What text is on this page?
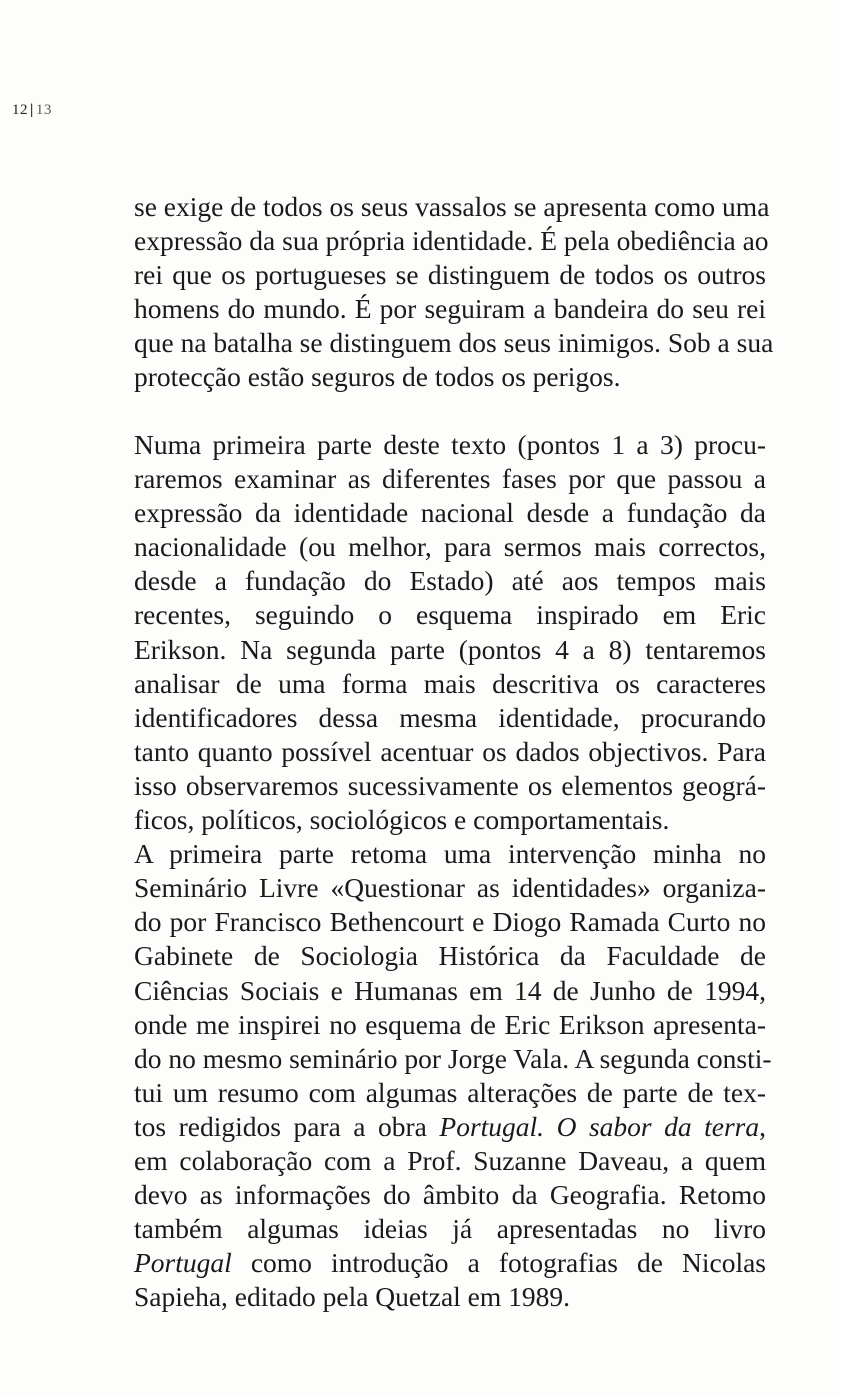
12 | 13
se exige de todos os seus vassalos se apresenta como uma
expressão da sua própria identidade. É pela obediência ao
rei que os portugueses se distinguem de todos os outros
homens do mundo. É por seguiram a bandeira do seu rei
que na batalha se distinguem dos seus inimigos. Sob a sua
protecção estão seguros de todos os perigos.
Numa primeira parte deste texto (pontos 1 a 3) procu-
raremos examinar as diferentes fases por que passou a
expressão da identidade nacional desde a fundação da
nacionalidade (ou melhor, para sermos mais correctos,
desde a fundação do Estado) até aos tempos mais
recentes, seguindo o esquema inspirado em Eric
Erikson. Na segunda parte (pontos 4 a 8) tentaremos
analisar de uma forma mais descritiva os caracteres
identificadores dessa mesma identidade, procurando
tanto quanto possível acentuar os dados objectivos. Para
isso observaremos sucessivamente os elementos geográ-
ficos, políticos, sociológicos e comportamentais.
A primeira parte retoma uma intervenção minha no
Seminário Livre «Questionar as identidades» organiza-
do por Francisco Bethencourt e Diogo Ramada Curto no
Gabinete de Sociologia Histórica da Faculdade de
Ciências Sociais e Humanas em 14 de Junho de 1994,
onde me inspirei no esquema de Eric Erikson apresenta-
do no mesmo seminário por Jorge Vala. A segunda consti-
tui um resumo com algumas alterações de parte de tex-
tos redigidos para a obra Portugal. O sabor da terra,
em colaboração com a Prof. Suzanne Daveau, a quem
devo as informações do âmbito da Geografia. Retomo
também algumas ideias já apresentadas no livro
Portugal como introdução a fotografias de Nicolas
Sapieha, editado pela Quetzal em 1989.
